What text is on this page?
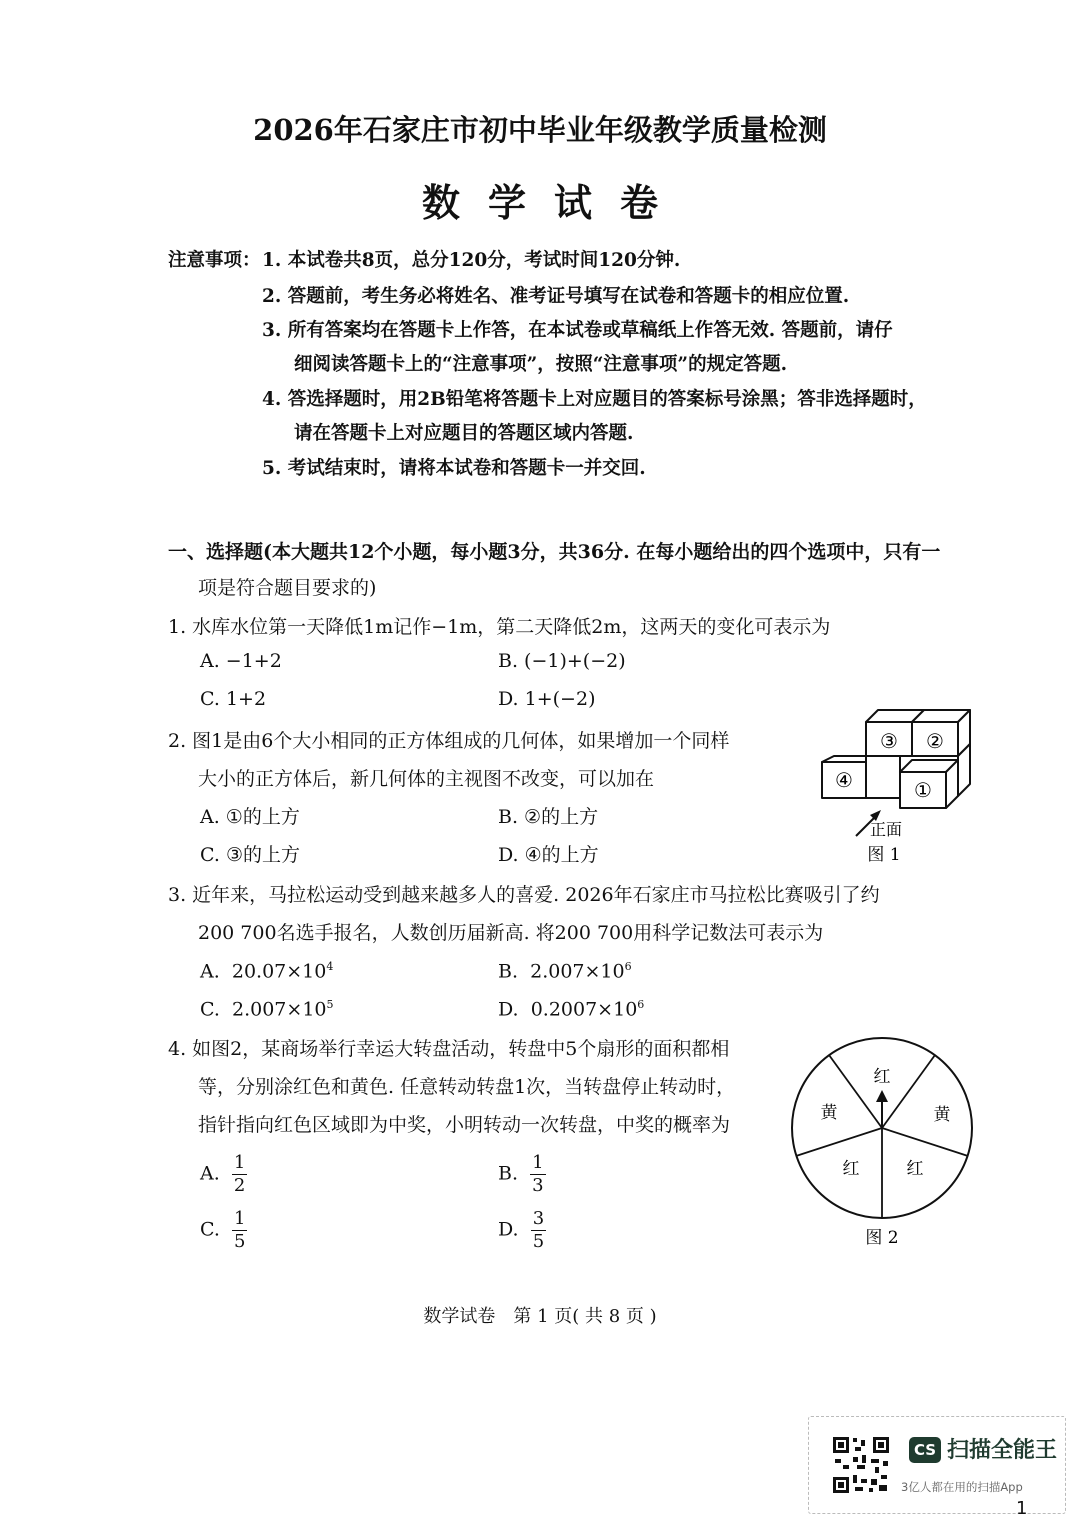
2026年石家庄市初中毕业年级教学质量检测
数学试卷
注意事项： 1. 本试卷共8页，总分120分，考试时间120分钟.
2. 答题前，考生务必将姓名、准考证号填写在试卷和答题卡的相应位置.
3. 所有答案均在答题卡上作答，在本试卷或草稿纸上作答无效. 答题前，请仔
细阅读答题卡上的“注意事项”，按照“注意事项”的规定答题.
4. 答选择题时，用2B铅笔将答题卡上对应题目的答案标号涂黑；答非选择题时，
请在答题卡上对应题目的答题区域内答题.
5. 考试结束时，请将本试卷和答题卡一并交回.
一、选择题(本大题共12个小题，每小题3分，共36分. 在每小题给出的四个选项中，只有一
项是符合题目要求的)
1. 水库水位第一天降低1m记作−1m，第二天降低2m，这两天的变化可表示为
A. −1+2	B. (−1)+(−2)
C. 1+2	D. 1+(−2)
2. 图1是由6个大小相同的正方体组成的几何体，如果增加一个同样
大小的正方体后，新几何体的主视图不改变，可以加在
A. ①的上方	B. ②的上方
C. ③的上方	D. ④的上方
③ ②
④	①
正面
图 1
3. 近年来，马拉松运动受到越来越多人的喜爱. 2026年石家庄市马拉松比赛吸引了约
200 700名选手报名，人数创历届新高. 将200 700用科学记数法可表示为
A. $20.07\times 10^4$	B. $2.007\times 10^6$
C. $2.007\times 10^5$	D. $0.2007\times 10^6$
4. 如图2，某商场举行幸运大转盘活动，转盘中5个扇形的面积都相
等，分别涂红色和黄色. 任意转动转盘1次，当转盘停止转动时，
指针指向红色区域即为中奖，小明转动一次转盘，中奖的概率为
A. $\frac{1}{2}$	B. $\frac{1}{3}$
C. $\frac{1}{5}$	D. $\frac{3}{5}$
红
黄	黄
红	红
图 2
数学试卷　第 1 页( 共 8 页 )
CS 扫描全能王
3亿人都在用的扫描App
1
